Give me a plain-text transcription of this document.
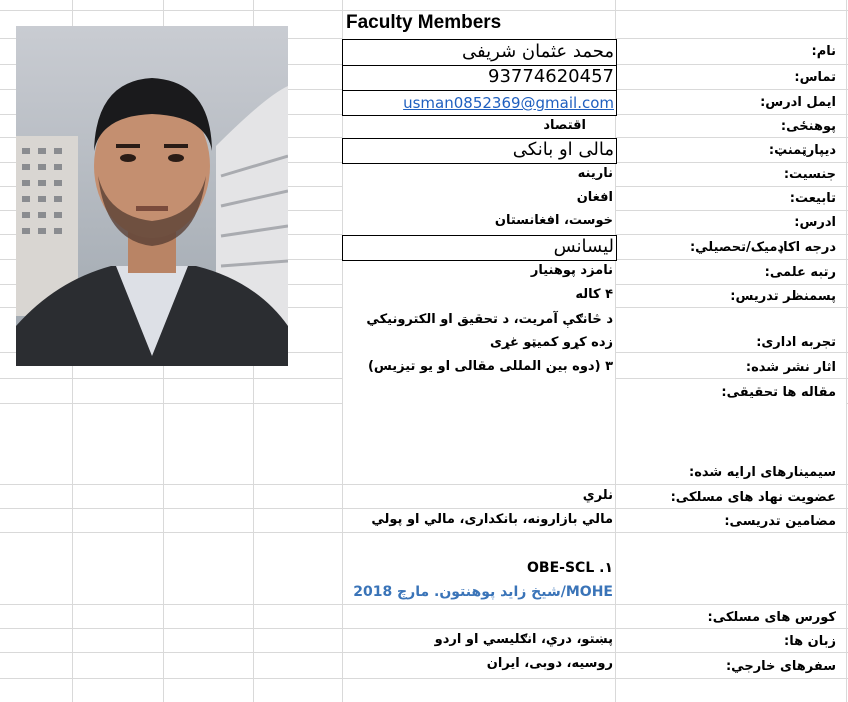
Faculty Members
محمد عثمان شریفی
93774620457
usman0852369@gmail.com
مالی او بانکی
لیسانس
اقتصاد
نارینه
افغان
خوست، افغانستان
نامزد پوهنیار
۴ کاله
د څانګې آمریت، د تحقیق او الکترونیکي
زده کړو کمیټو غړی
۳ (دوه بین المللی مقالی او یو تیزیس)
نلري
مالي بازارونه، بانکداری، مالي او پولي
OBE-SCL .۱
MOHE/شیخ زاید پوهنتون. مارچ 2018
پښتو، دري، انګلیسي او اردو
روسیه، دوبی، ایران
نام:
تماس:
ایمل ادرس:
پوهنځی:
دیپارټمنټ:
جنسیت:
تابیعت:
ادرس:
درجه اکاډمیک/تحصیلي:
رتبه علمی:
پسمنظر تدریس:
تجربه اداری:
اثار نشر شده:
مقاله ها تحقیقی:
سیمینارهای ارایه شده:
عضویت نهاد های مسلکی:
مضامین تدریسی:
کورس های مسلکی:
زبان ها:
سفرهای خارجي:
